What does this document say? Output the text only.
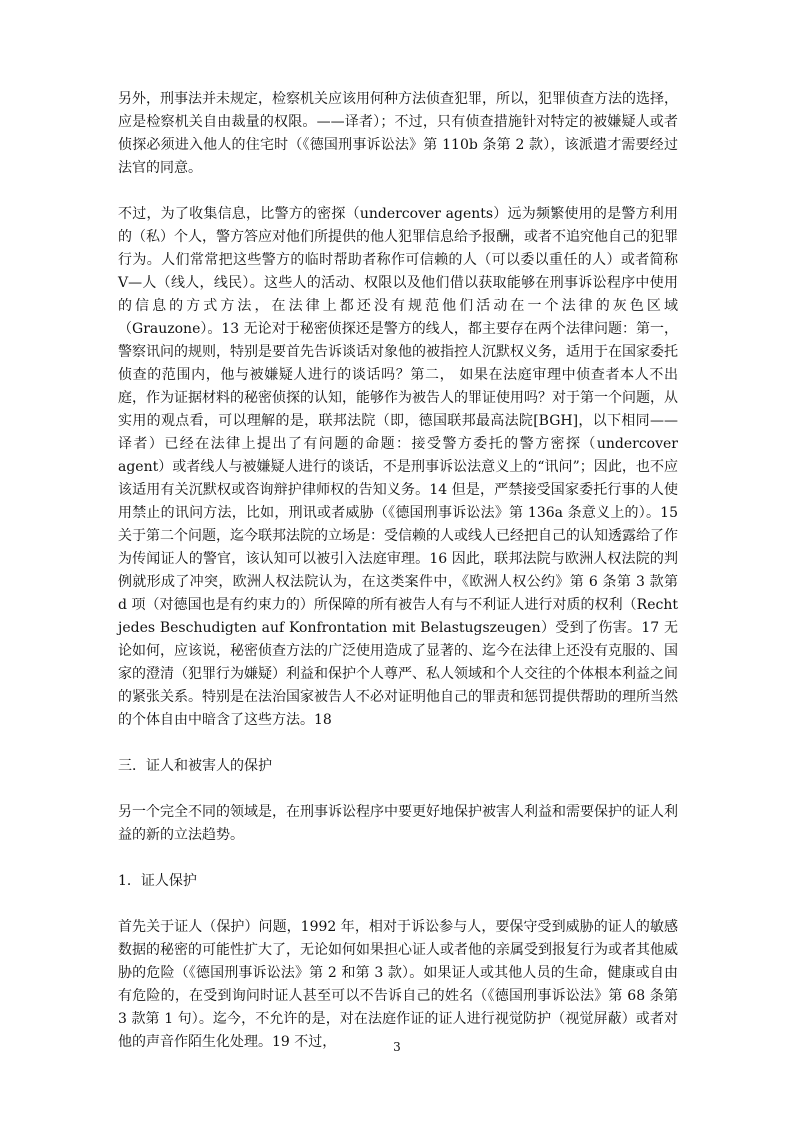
另外，刑事法并未规定，检察机关应该用何种方法侦查犯罪，所以，犯罪侦查方法的选择，应是检察机关自由裁量的权限。——译者）；不过，只有侦查措施针对特定的被嫌疑人或者侦探必须进入他人的住宅时（《德国刑事诉讼法》第 110b 条第 2 款），该派遣才需要经过法官的同意。

不过，为了收集信息，比警方的密探（undercover agents）远为频繁使用的是警方利用的（私）个人，警方答应对他们所提供的他人犯罪信息给予报酬，或者不追究他自己的犯罪行为。人们常常把这些警方的临时帮助者称作可信赖的人（可以委以重任的人）或者简称 V—人（线人，线民）。这些人的活动、权限以及他们借以获取能够在刑事诉讼程序中使用的信息的方式方法，在法律上都还没有规范他们活动在一个法律的灰色区域（Grauzone）。13 无论对于秘密侦探还是警方的线人，都主要存在两个法律问题：第一，警察讯问的规则，特别是要首先告诉谈话对象他的被指控人沉默权义务，适用于在国家委托侦查的范围内，他与被嫌疑人进行的谈话吗？第二， 如果在法庭审理中侦查者本人不出庭，作为证据材料的秘密侦探的认知，能够作为被告人的罪证使用吗？对于第一个问题，从实用的观点看，可以理解的是，联邦法院（即，德国联邦最高法院[BGH]，以下相同——译者）已经在法律上提出了有问题的命题：接受警方委托的警方密探（undercover agent）或者线人与被嫌疑人进行的谈话，不是刑事诉讼法意义上的“讯问”；因此，也不应该适用有关沉默权或咨询辩护律师权的告知义务。14 但是，严禁接受国家委托行事的人使用禁止的讯问方法，比如，刑讯或者威胁（《德国刑事诉讼法》第 136a 条意义上的）。15 关于第二个问题，迄今联邦法院的立场是：受信赖的人或线人已经把自己的认知透露给了作为传闻证人的警官，该认知可以被引入法庭审理。16 因此，联邦法院与欧洲人权法院的判例就形成了冲突，欧洲人权法院认为，在这类案件中，《欧洲人权公约》第 6 条第 3 款第 d 项（对德国也是有约束力的）所保障的所有被告人有与不利证人进行对质的权利（Recht jedes Beschudigten auf Konfrontation mit Belastugszeugen）受到了伤害。17 无论如何，应该说，秘密侦查方法的广泛使用造成了显著的、迄今在法律上还没有克服的、国家的澄清（犯罪行为嫌疑）利益和保护个人尊严、私人领域和个人交往的个体根本利益之间的紧张关系。特别是在法治国家被告人不必对证明他自己的罪责和惩罚提供帮助的理所当然的个体自由中暗含了这些方法。18

三．证人和被害人的保护

另一个完全不同的领域是，在刑事诉讼程序中要更好地保护被害人利益和需要保护的证人利益的新的立法趋势。

1．证人保护

首先关于证人（保护）问题，1992 年，相对于诉讼参与人，要保守受到威胁的证人的敏感数据的秘密的可能性扩大了，无论如何如果担心证人或者他的亲属受到报复行为或者其他威胁的危险（《德国刑事诉讼法》第 2 和第 3 款）。如果证人或其他人员的生命，健康或自由有危险的，在受到询问时证人甚至可以不告诉自己的姓名（《德国刑事诉讼法》第 68 条第 3 款第 1 句）。迄今，不允许的是，对在法庭作证的证人进行视觉防护（视觉屏蔽）或者对他的声音作陌生化处理。19 不过，	3
